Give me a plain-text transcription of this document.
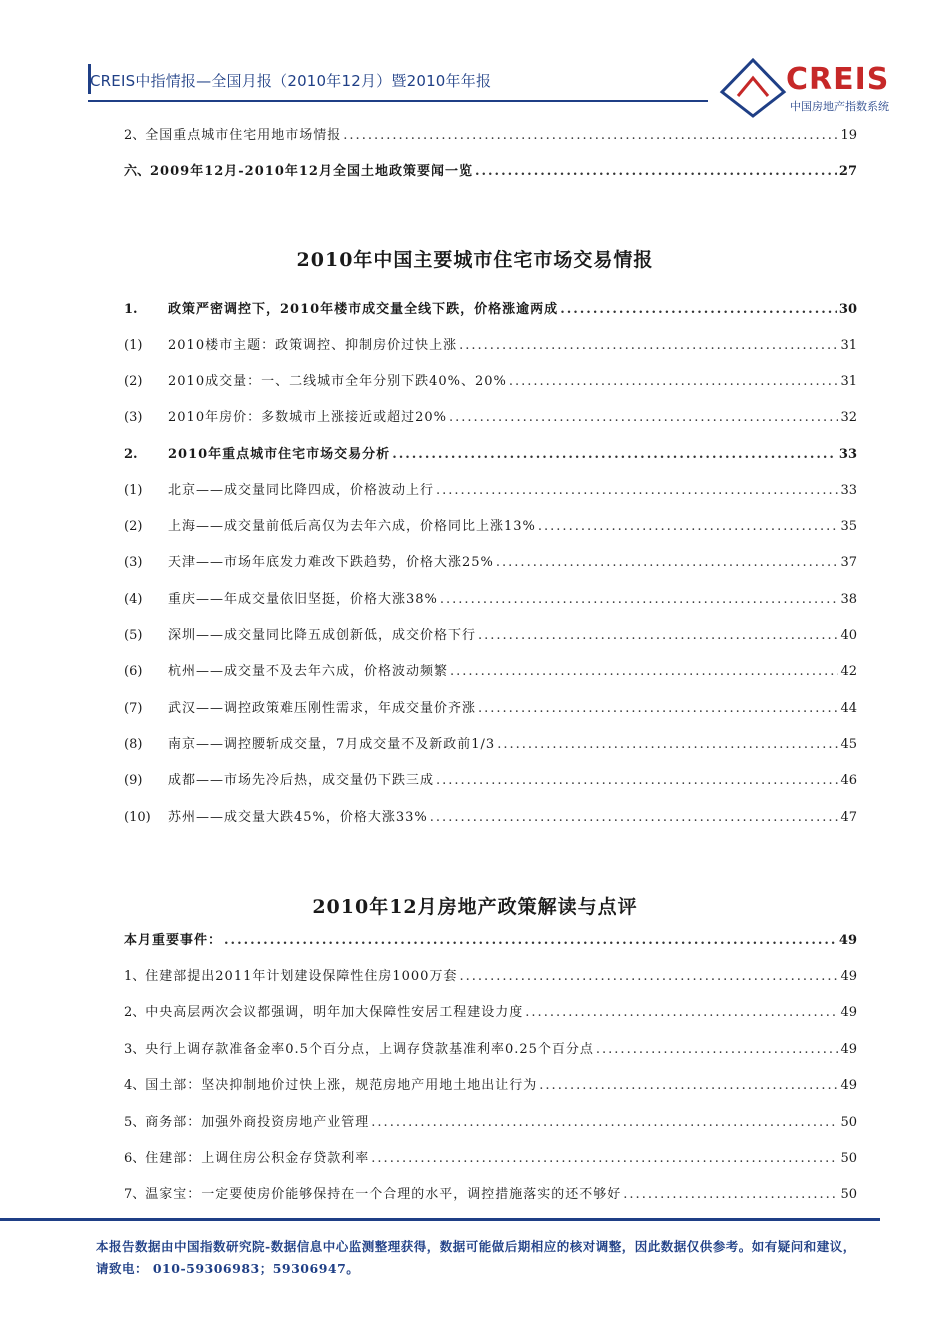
CREIS中指情报—全国月报（2010年12月）暨2010年年报	CREIS
中国房地产指数系统
2、 全国重点城市住宅用地市场情报 .....	19
六、 2009年12月-2010年12月全国土地政策要闻一览 .....	27
2010年中国主要城市住宅市场交易情报
1.	政策严密调控下，2010年楼市成交量全线下跌，价格涨逾两成 .....	30
(1)	2010楼市主题：政策调控、抑制房价过快上涨 .....	31
(2)	2010成交量：一、二线城市全年分别下跌40%、20% .....	31
(3)	2010年房价：多数城市上涨接近或超过20% .....	32
2.	2010年重点城市住宅市场交易分析 .....	33
(1)	北京——成交量同比降四成，价格波动上行 .....	33
(2)	上海——成交量前低后高仅为去年六成，价格同比上涨13% .....	35
(3)	天津——市场年底发力难改下跌趋势，价格大涨25% .....	37
(4)	重庆——年成交量依旧坚挺，价格大涨38% .....	38
(5)	深圳——成交量同比降五成创新低，成交价格下行 .....	40
(6)	杭州——成交量不及去年六成，价格波动频繁 .....	42
(7)	武汉——调控政策难压刚性需求，年成交量价齐涨 .....	44
(8)	南京——调控腰斩成交量，7月成交量不及新政前1/3 .....	45
(9)	成都——市场先冷后热，成交量仍下跌三成 .....	46
(10)	苏州——成交量大跌45%，价格大涨33% .....	47
2010年12月房地产政策解读与点评
本月重要事件： .....	49
1、 住建部提出2011年计划建设保障性住房1000万套 .....	49
2、 中央高层两次会议都强调，明年加大保障性安居工程建设力度 .....	49
3、 央行上调存款准备金率0.5个百分点，上调存贷款基准利率0.25个百分点 .....	49
4、 国土部：坚决抑制地价过快上涨，规范房地产用地土地出让行为 .....	49
5、 商务部：加强外商投资房地产业管理 .....	50
6、 住建部：上调住房公积金存贷款利率 .....	50
7、 温家宝：一定要使房价能够保持在一个合理的水平，调控措施落实的还不够好 .....	50
本报告数据由中国指数研究院-数据信息中心监测整理获得，数据可能做后期相应的核对调整，因此数据仅供参考。如有疑问和建议，请致电： 010-59306983；59306947。
